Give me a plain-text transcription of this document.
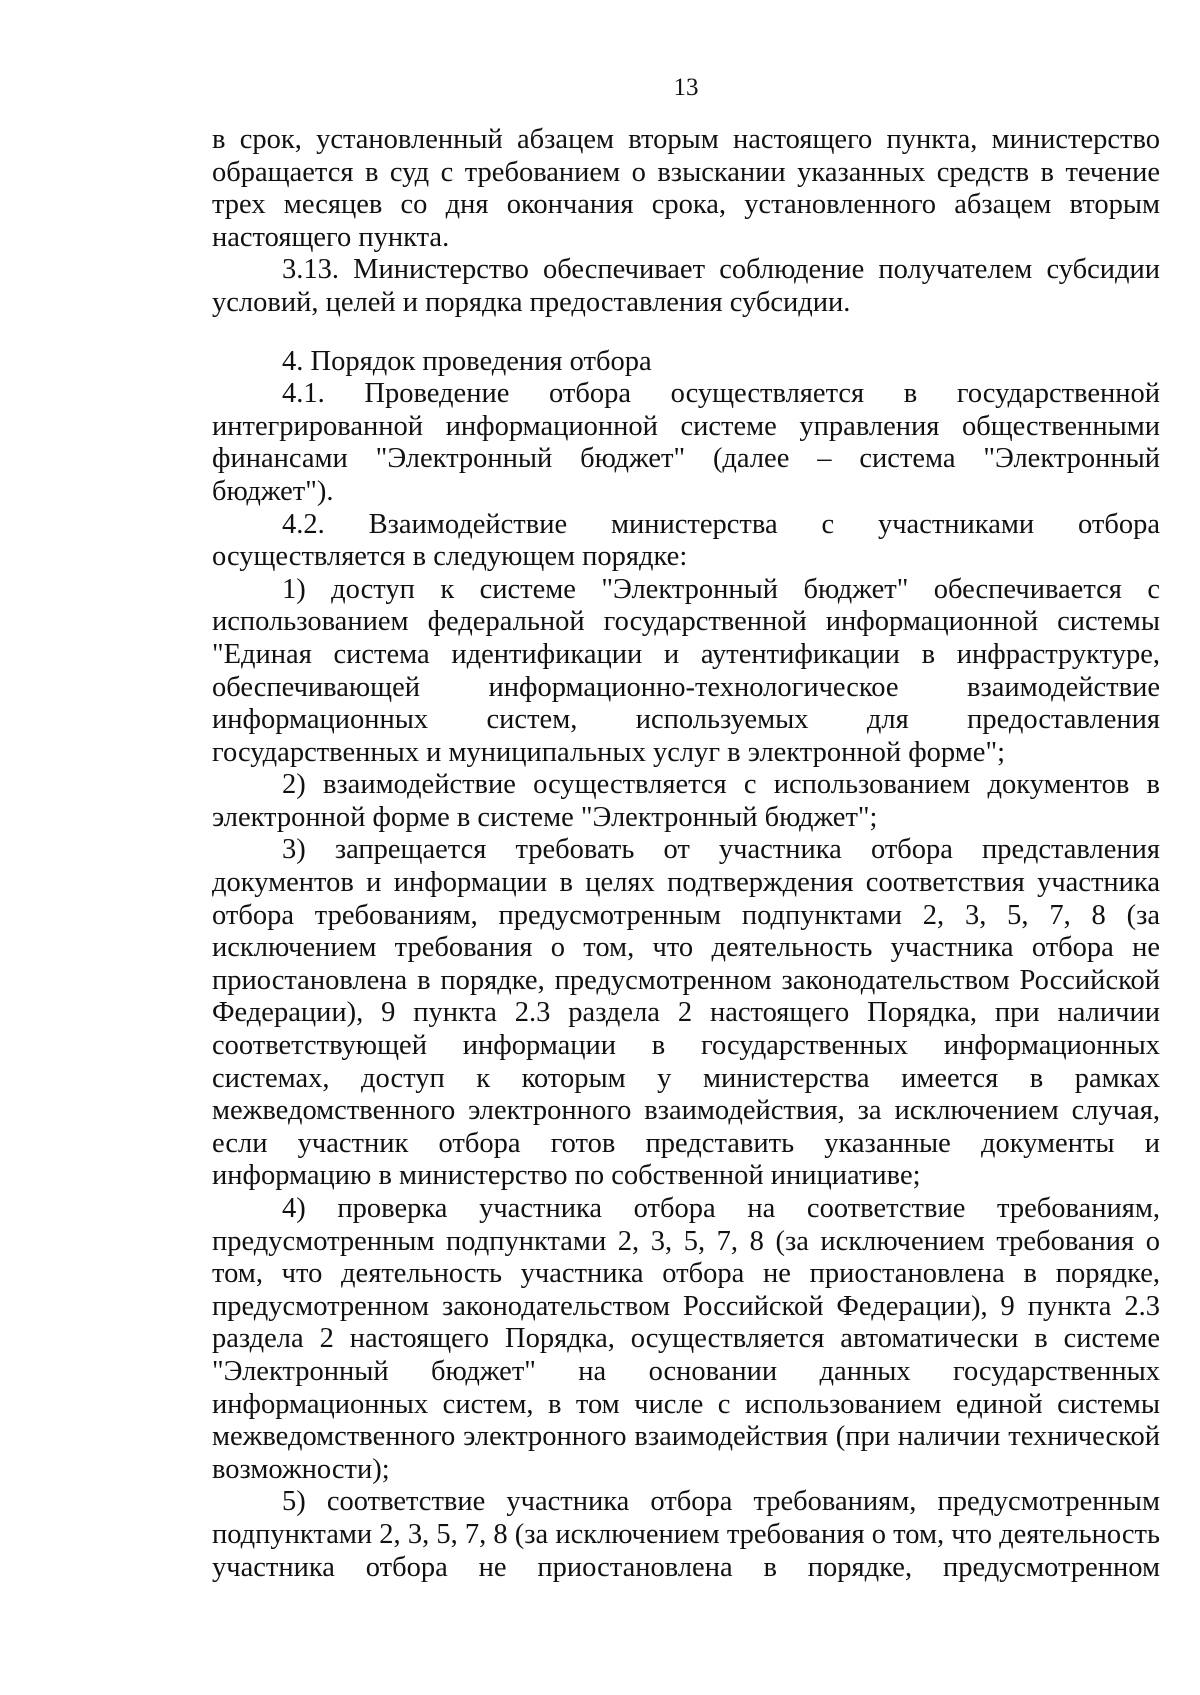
13

в срок, установленный абзацем вторым настоящего пункта, министерство обращается в суд с требованием о взыскании указанных средств в течение трех месяцев со дня окончания срока, установленного абзацем вторым настоящего пункта.

3.13. Министерство обеспечивает соблюдение получателем субсидии условий, целей и порядка предоставления субсидии.

4. Порядок проведения отбора

4.1. Проведение отбора осуществляется в государственной интегрированной информационной системе управления общественными финансами "Электронный бюджет" (далее – система "Электронный бюджет").

4.2. Взаимодействие министерства с участниками отбора осуществляется в следующем порядке:

1) доступ к системе "Электронный бюджет" обеспечивается с использованием федеральной государственной информационной системы "Единая система идентификации и аутентификации в инфраструктуре, обеспечивающей информационно-технологическое взаимодействие информационных систем, используемых для предоставления государственных и муниципальных услуг в электронной форме";

2) взаимодействие осуществляется с использованием документов в электронной форме в системе "Электронный бюджет";

3) запрещается требовать от участника отбора представления документов и информации в целях подтверждения соответствия участника отбора требованиям, предусмотренным подпунктами 2, 3, 5, 7, 8 (за исключением требования о том, что деятельность участника отбора не приостановлена в порядке, предусмотренном законодательством Российской Федерации), 9 пункта 2.3 раздела 2 настоящего Порядка, при наличии соответствующей информации в государственных информационных системах, доступ к которым у министерства имеется в рамках межведомственного электронного взаимодействия, за исключением случая, если участник отбора готов представить указанные документы и информацию в министерство по собственной инициативе;

4) проверка участника отбора на соответствие требованиям, предусмотренным подпунктами 2, 3, 5, 7, 8 (за исключением требования о том, что деятельность участника отбора не приостановлена в порядке, предусмотренном законодательством Российской Федерации), 9 пункта 2.3 раздела 2 настоящего Порядка, осуществляется автоматически в системе "Электронный бюджет" на основании данных государственных информационных систем, в том числе с использованием единой системы межведомственного электронного взаимодействия (при наличии технической возможности);

5) соответствие участника отбора требованиям, предусмотренным подпунктами 2, 3, 5, 7, 8 (за исключением требования о том, что деятельность участника отбора не приостановлена в порядке, предусмотренном
